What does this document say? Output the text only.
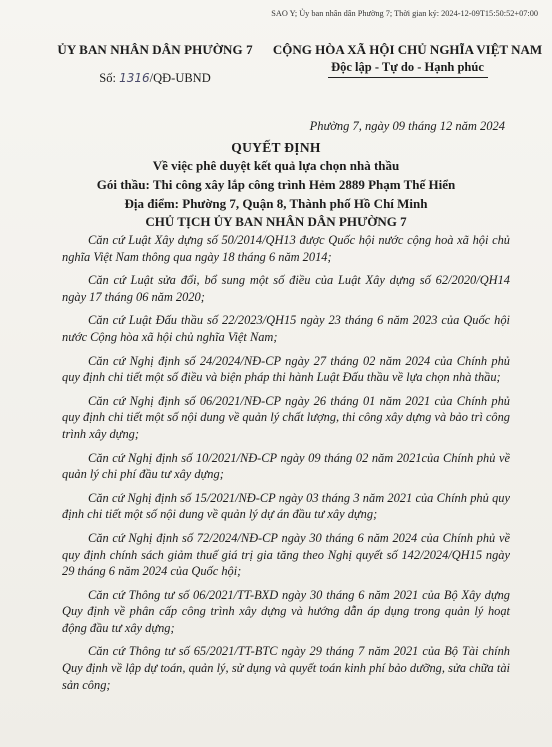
SAO Y; Ủy ban nhân dân Phường 7; Thời gian ký: 2024-12-09T15:50:52+07:00
ỦY BAN NHÂN DÂN PHƯỜNG 7
Số: 1316/QĐ-UBND
CỘNG HÒA XÃ HỘI CHỦ NGHĨA VIỆT NAM
Độc lập - Tự do - Hạnh phúc
Phường 7, ngày 09 tháng 12 năm 2024
QUYẾT ĐỊNH
Về việc phê duyệt kết quả lựa chọn nhà thầu
Gói thầu: Thi công xây lắp công trình Hẻm 2889 Phạm Thế Hiển
Địa điểm: Phường 7, Quận 8, Thành phố Hồ Chí Minh
CHỦ TỊCH ỦY BAN NHÂN DÂN PHƯỜNG 7

Căn cứ Luật Xây dựng số 50/2014/QH13 được Quốc hội nước cộng hoà xã hội chủ nghĩa Việt Nam thông qua ngày 18 tháng 6 năm 2014;

Căn cứ Luật sửa đổi, bổ sung một số điều của Luật Xây dựng số 62/2020/QH14 ngày 17 tháng 06 năm 2020;

Căn cứ Luật Đấu thầu số 22/2023/QH15 ngày 23 tháng 6 năm 2023 của Quốc hội nước Cộng hòa xã hội chủ nghĩa Việt Nam;

Căn cứ Nghị định số 24/2024/NĐ-CP ngày 27 tháng 02 năm 2024 của Chính phủ quy định chi tiết một số điều và biện pháp thi hành Luật Đấu thầu về lựa chọn nhà thầu;

Căn cứ Nghị định số 06/2021/NĐ-CP ngày 26 tháng 01 năm 2021 của Chính phủ quy định chi tiết một số nội dung về quản lý chất lượng, thi công xây dựng và bảo trì công trình xây dựng;

Căn cứ Nghị định số 10/2021/NĐ-CP ngày 09 tháng 02 năm 2021của Chính phủ về quản lý chi phí đầu tư xây dựng;

Căn cứ Nghị định số 15/2021/NĐ-CP ngày 03 tháng 3 năm 2021 của Chính phủ quy định chi tiết một số nội dung về quản lý dự án đầu tư xây dựng;

Căn cứ Nghị định số 72/2024/NĐ-CP ngày 30 tháng 6 năm 2024 của Chính phủ về quy định chính sách giảm thuế giá trị gia tăng theo Nghị quyết số 142/2024/QH15 ngày 29 tháng 6 năm 2024 của Quốc hội;

Căn cứ Thông tư số 06/2021/TT-BXD ngày 30 tháng 6 năm 2021 của Bộ Xây dựng Quy định về phân cấp công trình xây dựng và hướng dẫn áp dụng trong quản lý hoạt động đầu tư xây dựng;

Căn cứ Thông tư số 65/2021/TT-BTC ngày 29 tháng 7 năm 2021 của Bộ Tài chính Quy định về lập dự toán, quản lý, sử dụng và quyết toán kinh phí bảo dưỡng, sửa chữa tài sản công;
